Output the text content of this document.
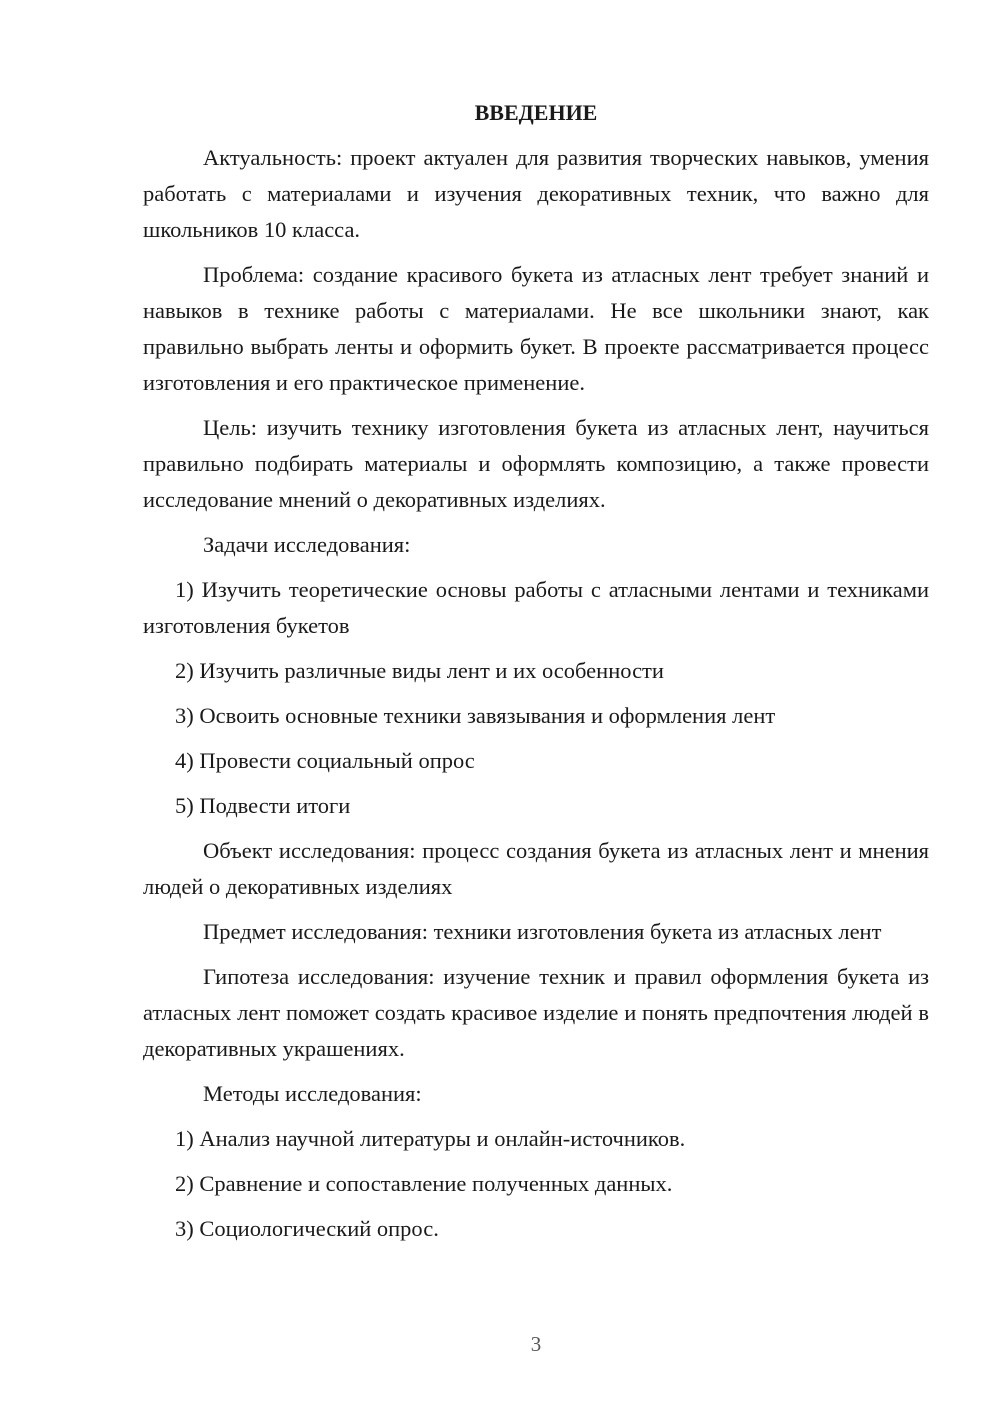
ВВЕДЕНИЕ

Актуальность: проект актуален для развития творческих навыков, умения работать с материалами и изучения декоративных техник, что важно для школьников 10 класса.

Проблема: создание красивого букета из атласных лент требует знаний и навыков в технике работы с материалами. Не все школьники знают, как правильно выбрать ленты и оформить букет. В проекте рассматривается процесс изготовления и его практическое применение.

Цель: изучить технику изготовления букета из атласных лент, научиться правильно подбирать материалы и оформлять композицию, а также провести исследование мнений о декоративных изделиях.

Задачи исследования:

1) Изучить теоретические основы работы с атласными лентами и техниками изготовления букетов

2) Изучить различные виды лент и их особенности

3) Освоить основные техники завязывания и оформления лент

4) Провести социальный опрос

5) Подвести итоги

Объект исследования: процесс создания букета из атласных лент и мнения людей о декоративных изделиях

Предмет исследования: техники изготовления букета из атласных лент

Гипотеза исследования: изучение техник и правил оформления букета из атласных лент поможет создать красивое изделие и понять предпочтения людей в декоративных украшениях.

Методы исследования:

1) Анализ научной литературы и онлайн-источников.

2) Сравнение и сопоставление полученных данных.

3) Социологический опрос.

3
